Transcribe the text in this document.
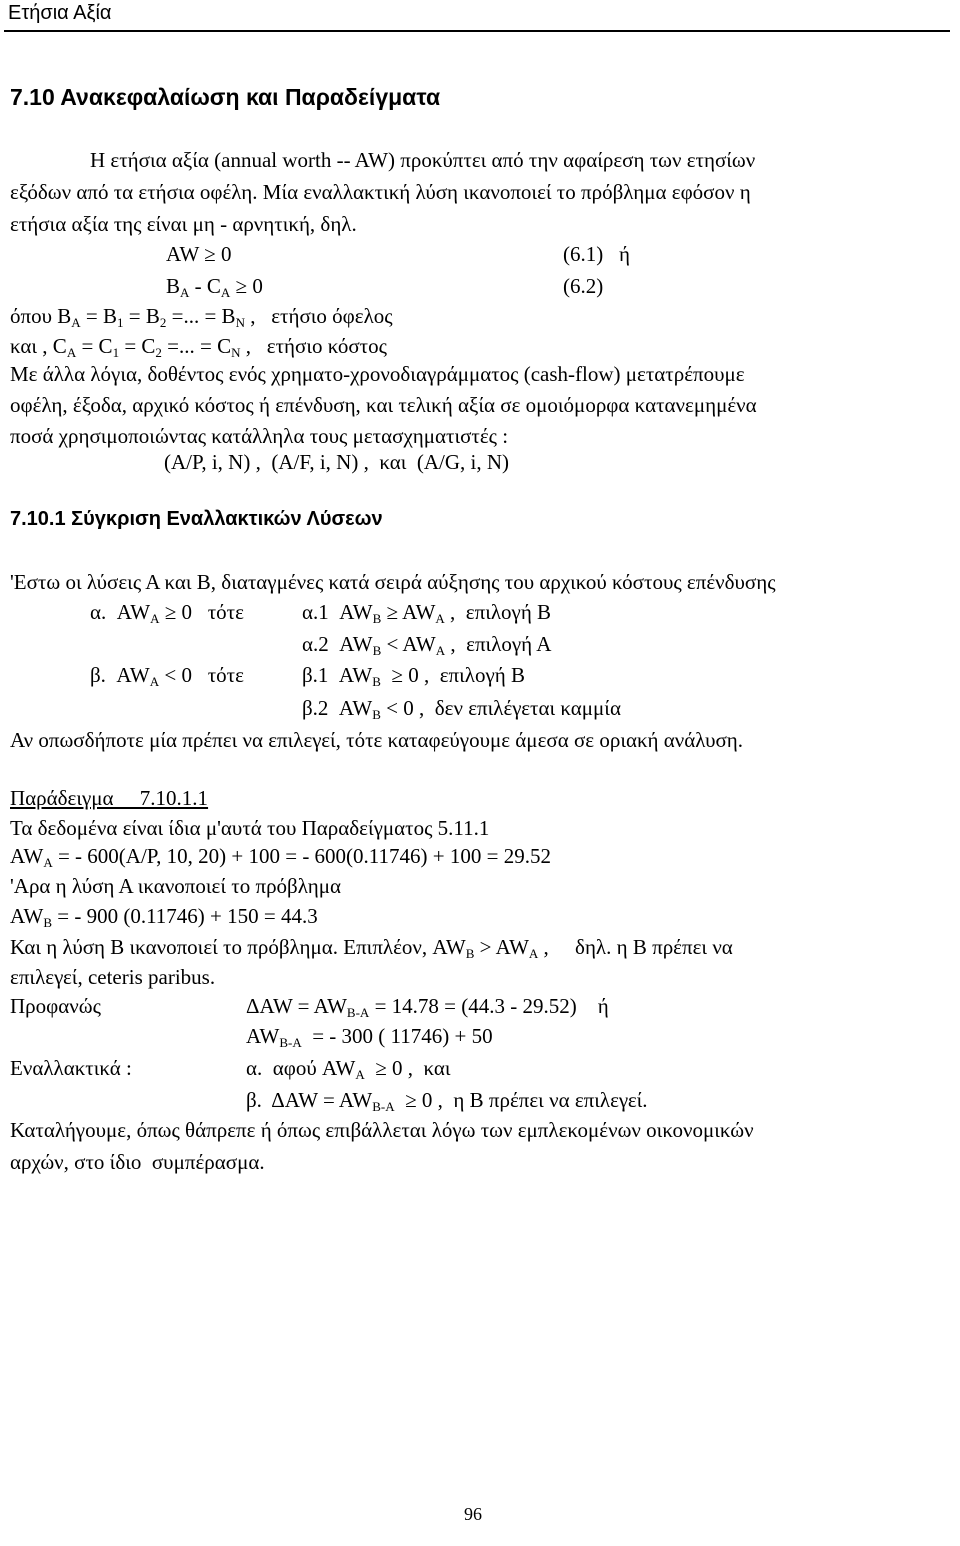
Ετήσια Αξία
7.10 Ανακεφαλαίωση και Παραδείγματα
Η ετήσια αξία (annual worth -- AW) προκύπτει από την αφαίρεση των ετησίων
εξόδων από τα ετήσια οφέλη. Μία εναλλακτική λύση ικανοποιεί το πρόβλημα εφόσον η
ετήσια αξία της είναι μη - αρνητική, δηλ.
AW ≥ 0	(6.1)   ή
$B_A - C_A \ge 0$	(6.2)
όπου $B_A = B_1 = B_2$ =... = $B_N$ ,   ετήσιο όφελος
και , $C_A = C_1 = C_2$ =... = $C_N$ ,   ετήσιο κόστος
Με άλλα λόγια, δοθέντος ενός χρηματο-χρονοδιαγράμματος (cash-flow) μετατρέπουμε
οφέλη, έξοδα, αρχικό κόστος ή επένδυση, και τελική αξία σε ομοιόμορφα κατανεμημένα
ποσά χρησιμοποιώντας κατάλληλα τους μετασχηματιστές :
(A/P, i, N) ,  (A/F, i, N) ,  και  (A/G, i, N)
7.10.1 Σύγκριση Εναλλακτικών Λύσεων
'Εστω οι λύσεις Α και Β, διαταγμένες κατά σειρά αύξησης του αρχικού κόστους επένδυσης
α.  $AW_A \ge 0$   τότε	α.1  $AW_B \ge AW_A$ ,  επιλογή Β
α.2  $AW_B < AW_A$ ,  επιλογή Α
β.  $AW_A < 0$   τότε	β.1  $AW_B \ge 0$ ,  επιλογή Β
β.2  $AW_B < 0$ ,  δεν επιλέγεται καμμία
Αν οπωσδήποτε μία πρέπει να επιλεγεί, τότε καταφεύγουμε άμεσα σε οριακή ανάλυση.
Παράδειγμα     7.10.1.1
Τα δεδομένα είναι ίδια μ'αυτά του Παραδείγματος 5.11.1
$AW_A$ = - 600(A/P, 10, 20) + 100 = - 600(0.11746) + 100 = 29.52
'Αρα η λύση Α ικανοποιεί το πρόβλημα
$AW_B$ = - 900 (0.11746) + 150 = 44.3
Και η λύση Β ικανοποιεί το πρόβλημα. Επιπλέον, $AW_B > AW_A$ ,     δηλ. η Β πρέπει να
επιλεγεί, ceteris paribus.
Προφανώς	$\Delta AW = AW_{B-A} = 14.78 = (44.3 - 29.52)$    ή
$AW_{B-A}$  = - 300 ( 11746) + 50
Εναλλακτικά :	α.  αφού $AW_A \ge 0$ ,  και
β.  $\Delta AW = AW_{B-A} \ge 0$ ,  η Β πρέπει να επιλεγεί.
Καταλήγουμε, όπως θάπρεπε ή όπως επιβάλλεται λόγω των εμπλεκομένων οικονομικών
αρχών, στο ίδιο  συμπέρασμα.
96
